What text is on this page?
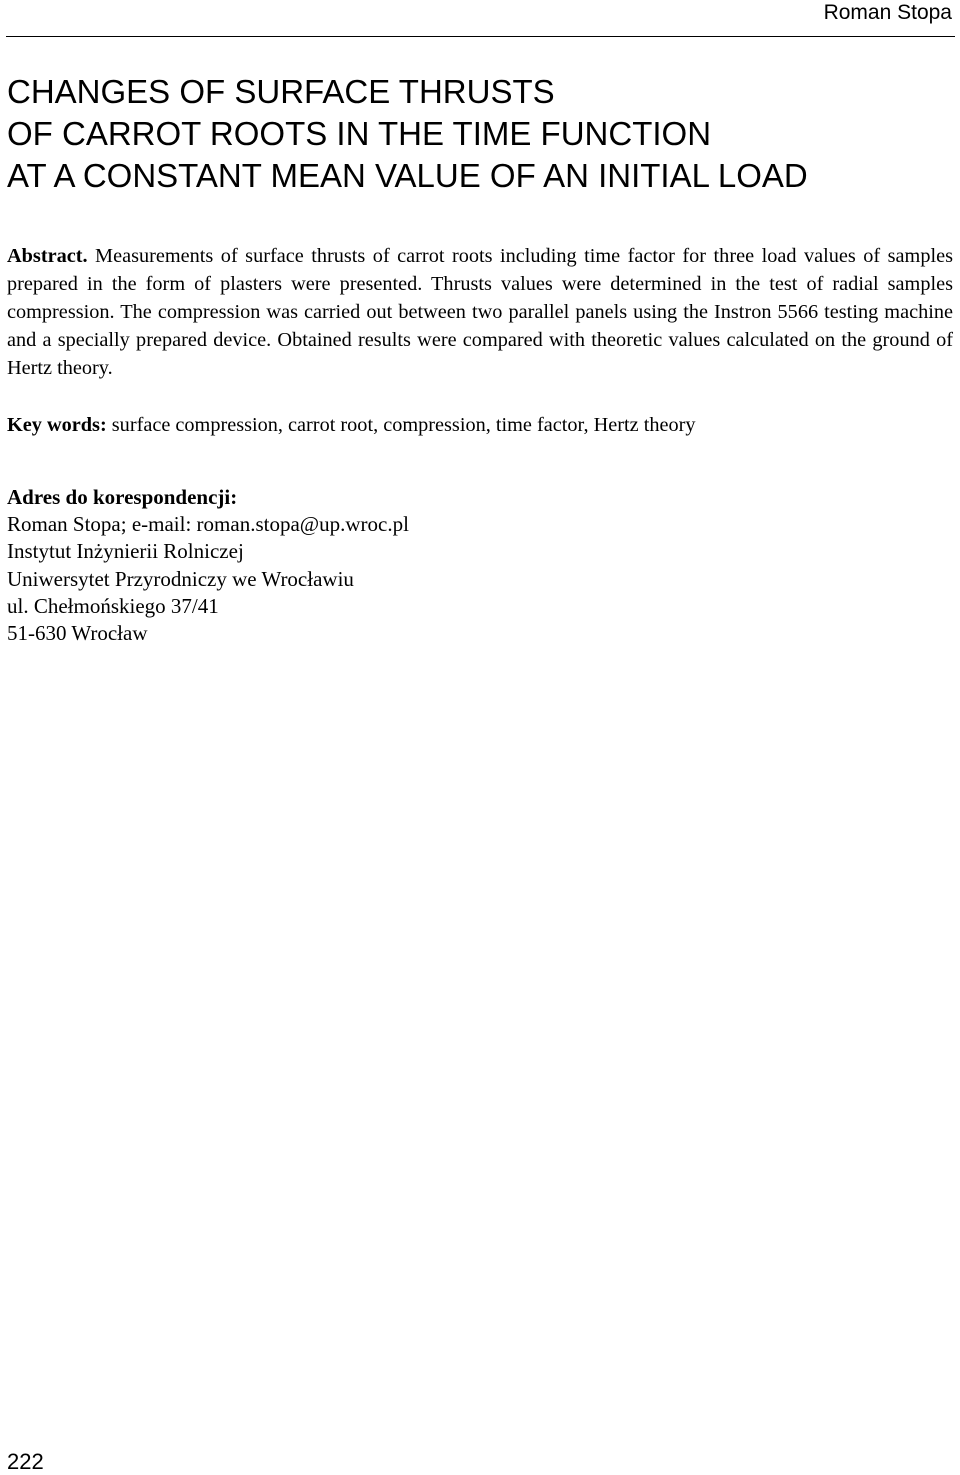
Roman Stopa
CHANGES OF SURFACE THRUSTS
OF CARROT ROOTS IN THE TIME FUNCTION
AT A CONSTANT MEAN VALUE OF AN INITIAL LOAD

Abstract. Measurements of surface thrusts of carrot roots including time factor for three load values of samples prepared in the form of plasters were presented. Thrusts values were determined in the test of radial samples compression. The compression was carried out between two parallel panels using the Instron 5566 testing machine and a specially prepared device. Obtained results were compared with theoretic values calculated on the ground of Hertz theory.

Key words: surface compression, carrot root, compression, time factor, Hertz theory

Adres do korespondencji:
Roman Stopa; e-mail: roman.stopa@up.wroc.pl
Instytut Inżynierii Rolniczej
Uniwersytet Przyrodniczy we Wrocławiu
ul. Chełmońskiego 37/41
51-630 Wrocław
222
